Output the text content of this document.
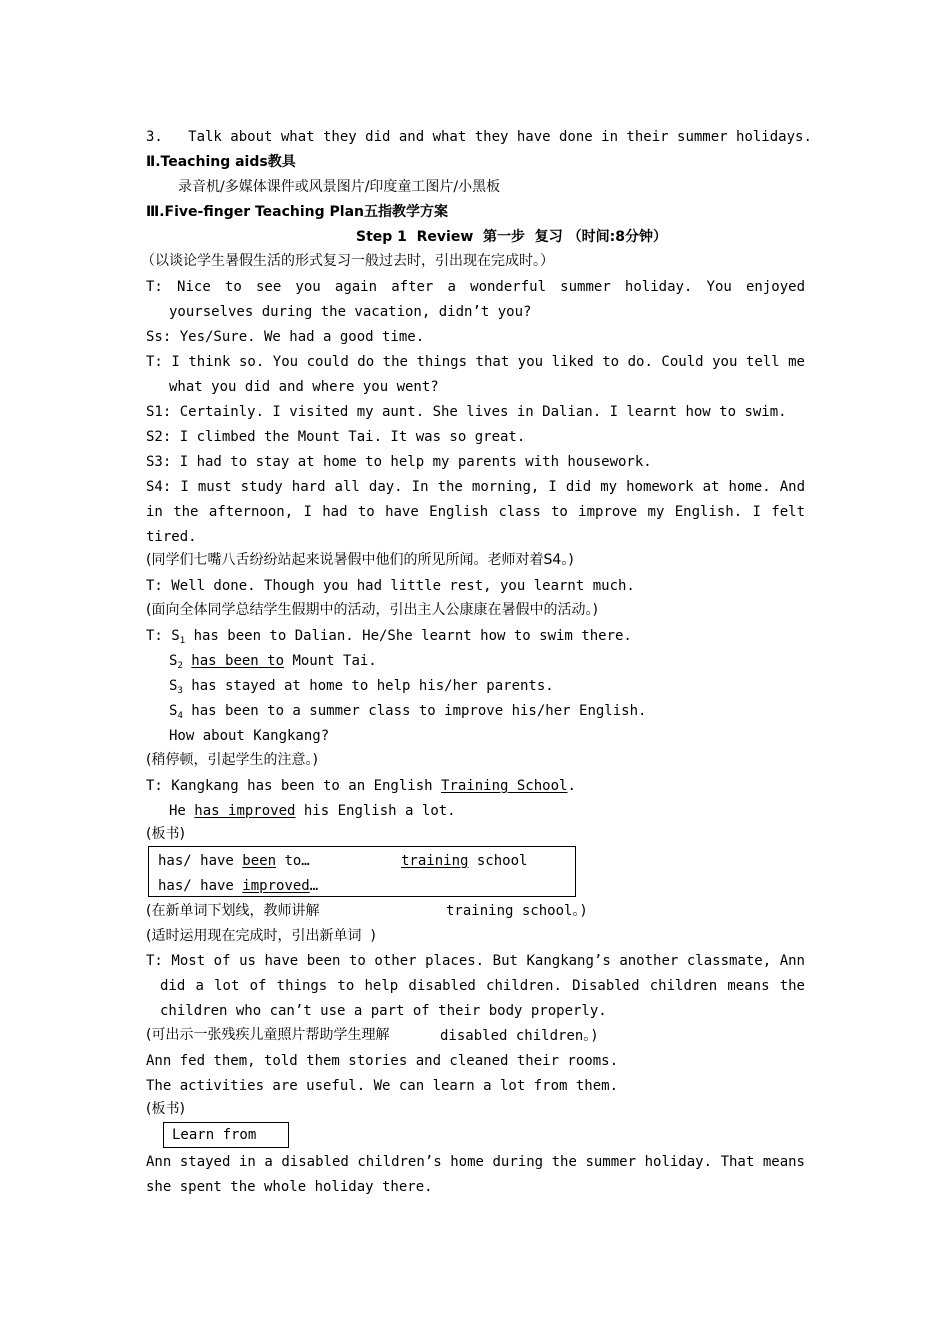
3.   Talk about what they did and what they have done in their summer holidays.
Ⅱ.Teaching aids教具
录音机/多媒体课件或风景图片/印度童工图片/小黑板
Ⅲ.Five-finger Teaching Plan五指教学方案
Step 1  Review  第一步  复习 （时间:8分钟）
（以谈论学生暑假生活的形式复习一般过去时，引出现在完成时。）
T: Nice to see you again after a wonderful summer holiday. You enjoyed
yourselves during the vacation, didn’t you?
Ss: Yes/Sure. We had a good time.
T: I think so. You could do the things that you liked to do. Could you tell me
what you did and where you went?
S1: Certainly. I visited my aunt. She lives in Dalian. I learnt how to swim.
S2: I climbed the Mount Tai. It was so great.
S3: I had to stay at home to help my parents with housework.
S4: I must study hard all day. In the morning, I did my homework at home. And
in the afternoon, I had to have English class to improve my English. I felt
tired.
(同学们七嘴八舌纷纷站起来说暑假中他们的所见所闻。老师对着S4。)
T: Well done. Though you had little rest, you learnt much.
(面向全体同学总结学生假期中的活动，引出主人公康康在暑假中的活动。)
T: $S_1$ has been to Dalian. He/She learnt how to swim there.
$S_2$ has been to Mount Tai.
$S_3$ has stayed at home to help his/her parents.
$S_4$ has been to a summer class to improve his/her English.
How about Kangkang?
(稍停顿，引起学生的注意。)
T: Kangkang has been to an English Training School.
He has improved his English a lot.
(板书)
has/ have been to…	training school
has/ have improved…
(在新单词下划线，教师讲解	training school。)
(适时运用现在完成时，引出新单词  )
T: Most of us have been to other places. But Kangkang’s another classmate, Ann
did a lot of things to help disabled children. Disabled children means the
children who can’t use a part of their body properly.
(可出示一张残疾儿童照片帮助学生理解	disabled children。)
Ann fed them, told them stories and cleaned their rooms.
The activities are useful. We can learn a lot from them.
(板书)
Learn from
Ann stayed in a disabled children’s home during the summer holiday. That means
she spent the whole holiday there.
